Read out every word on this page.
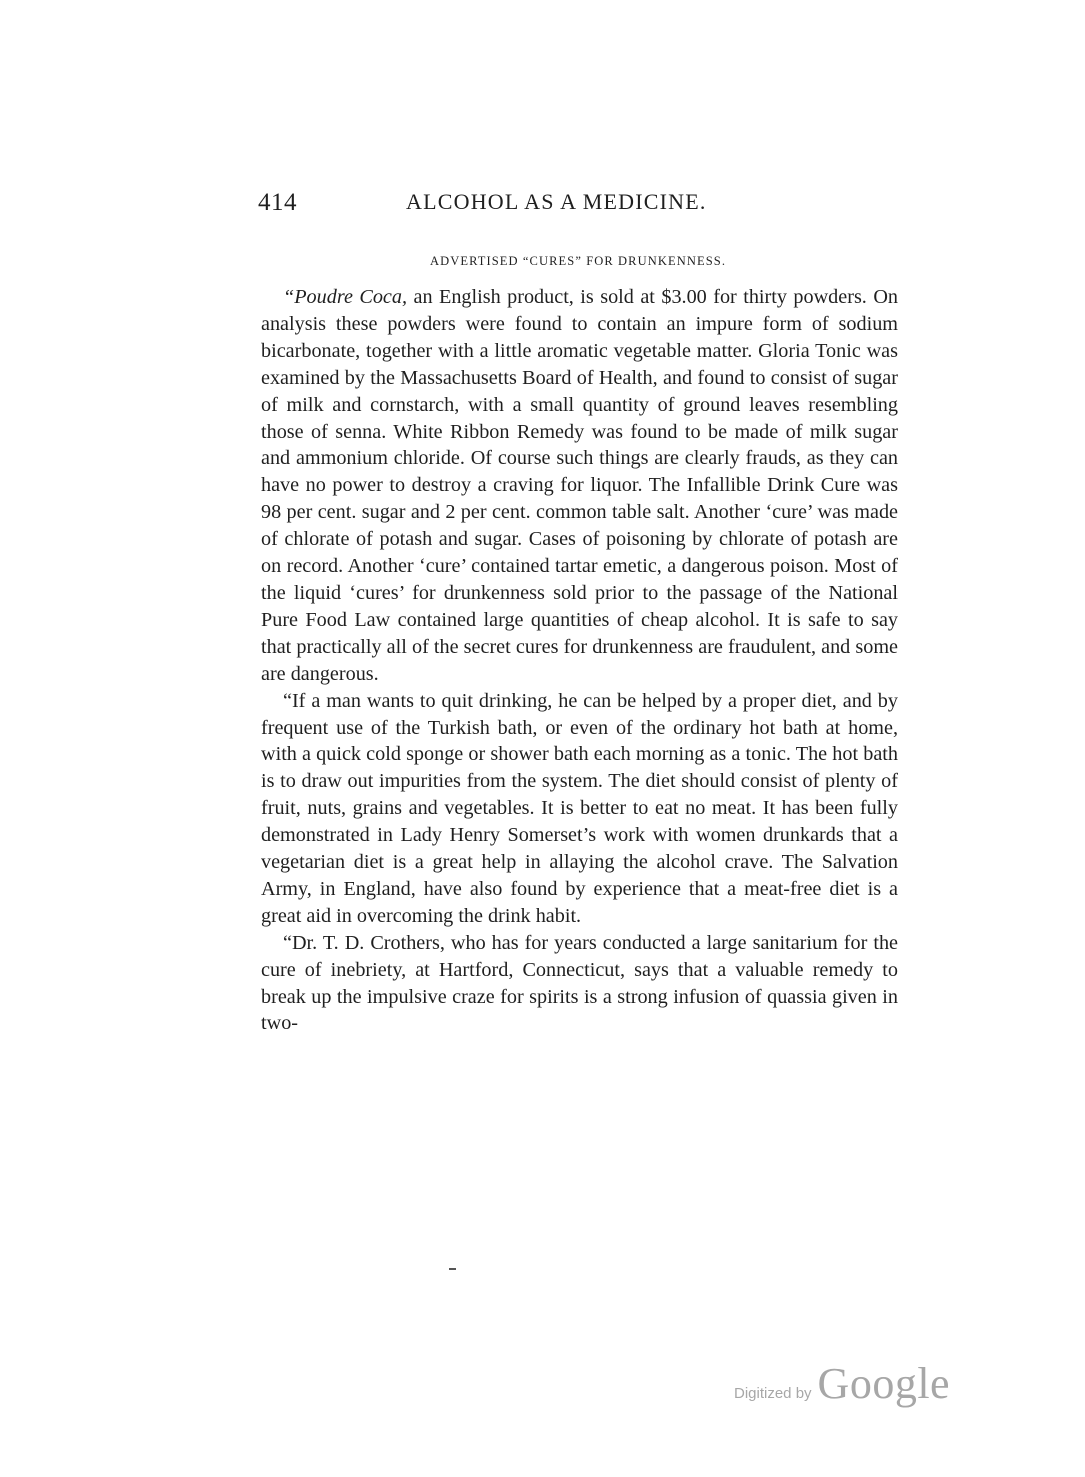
414	ALCOHOL AS A MEDICINE.
ADVERTISED “CURES” FOR DRUNKENNESS.

“Poudre Coca, an English product, is sold at $3.00 for thirty powders. On analysis these powders were found to contain an impure form of sodium bicarbonate, together with a little aromatic vegetable matter. Gloria Tonic was examined by the Massachusetts Board of Health, and found to consist of sugar of milk and cornstarch, with a small quantity of ground leaves resembling those of senna. White Ribbon Remedy was found to be made of milk sugar and ammonium chloride. Of course such things are clearly frauds, as they can have no power to destroy a craving for liquor. The Infallible Drink Cure was 98 per cent. sugar and 2 per cent. common table salt. Another ‘cure’ was made of chlorate of potash and sugar. Cases of poisoning by chlorate of potash are on record. Another ‘cure’ contained tartar emetic, a dangerous poison. Most of the liquid ‘cures’ for drunkenness sold prior to the passage of the National Pure Food Law contained large quantities of cheap alcohol. It is safe to say that practically all of the secret cures for drunkenness are fraudulent, and some are dangerous.

“If a man wants to quit drinking, he can be helped by a proper diet, and by frequent use of the Turkish bath, or even of the ordinary hot bath at home, with a quick cold sponge or shower bath each morning as a tonic. The hot bath is to draw out impurities from the system. The diet should consist of plenty of fruit, nuts, grains and vegetables. It is better to eat no meat. It has been fully demonstrated in Lady Henry Somerset’s work with women drunkards that a vegetarian diet is a great help in allaying the alcohol crave. The Salvation Army, in England, have also found by experience that a meat-free diet is a great aid in overcoming the drink habit.

“Dr. T. D. Crothers, who has for years conducted a large sanitarium for the cure of inebriety, at Hartford, Connecticut, says that a valuable remedy to break up the impulsive craze for spirits is a strong infusion of quassia given in two-

Digitized by Google
